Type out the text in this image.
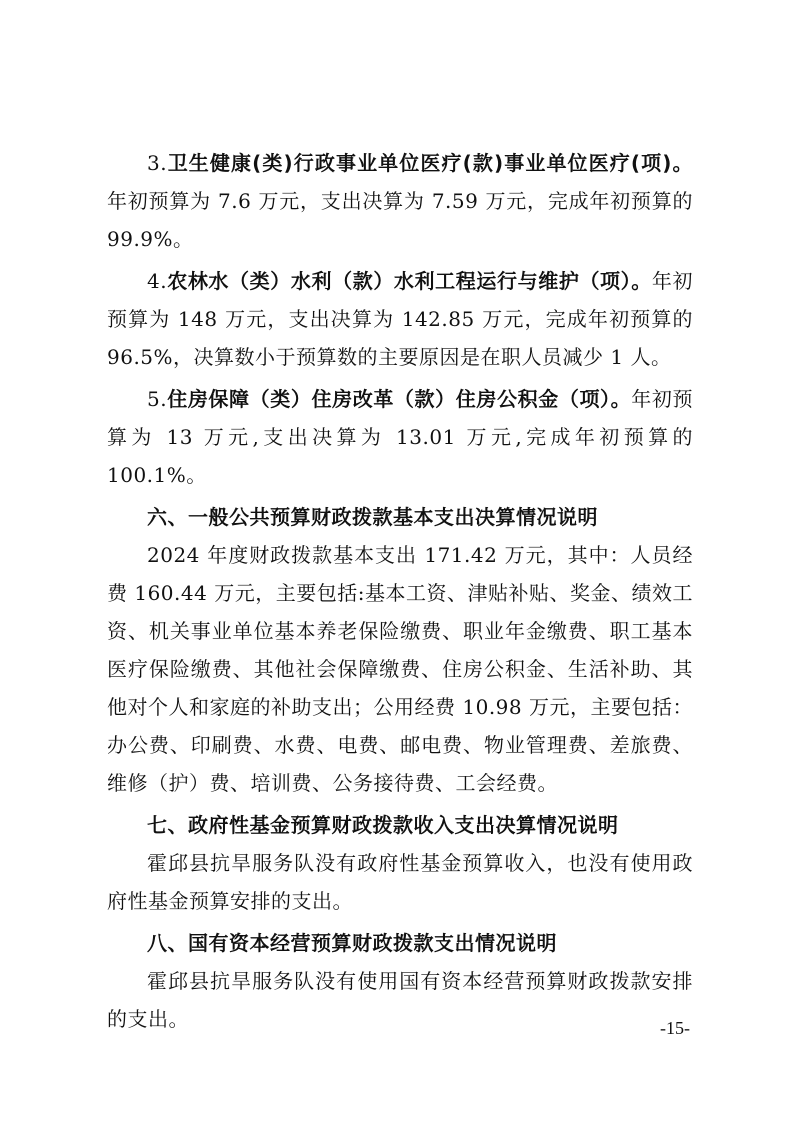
3.卫生健康(类)行政事业单位医疗(款)事业单位医疗(项)。年初预算为 7.6 万元，支出决算为 7.59 万元，完成年初预算的 99.9%。

4.农林水（类）水利（款）水利工程运行与维护（项）。年初预算为 148 万元，支出决算为 142.85 万元，完成年初预算的 96.5%，决算数小于预算数的主要原因是在职人员减少 1 人。

5.住房保障（类）住房改革（款）住房公积金（项）。年初预算为 13 万元,支出决算为 13.01 万元,完成年初预算的 100.1%。

六、一般公共预算财政拨款基本支出决算情况说明

2024 年度财政拨款基本支出 171.42 万元，其中：人员经费 160.44 万元，主要包括:基本工资、津贴补贴、奖金、绩效工资、机关事业单位基本养老保险缴费、职业年金缴费、职工基本医疗保险缴费、其他社会保障缴费、住房公积金、生活补助、其他对个人和家庭的补助支出；公用经费 10.98 万元，主要包括：办公费、印刷费、水费、电费、邮电费、物业管理费、差旅费、维修（护）费、培训费、公务接待费、工会经费。

七、政府性基金预算财政拨款收入支出决算情况说明

霍邱县抗旱服务队没有政府性基金预算收入，也没有使用政府性基金预算安排的支出。

八、国有资本经营预算财政拨款支出情况说明

霍邱县抗旱服务队没有使用国有资本经营预算财政拨款安排的支出。	-15-
